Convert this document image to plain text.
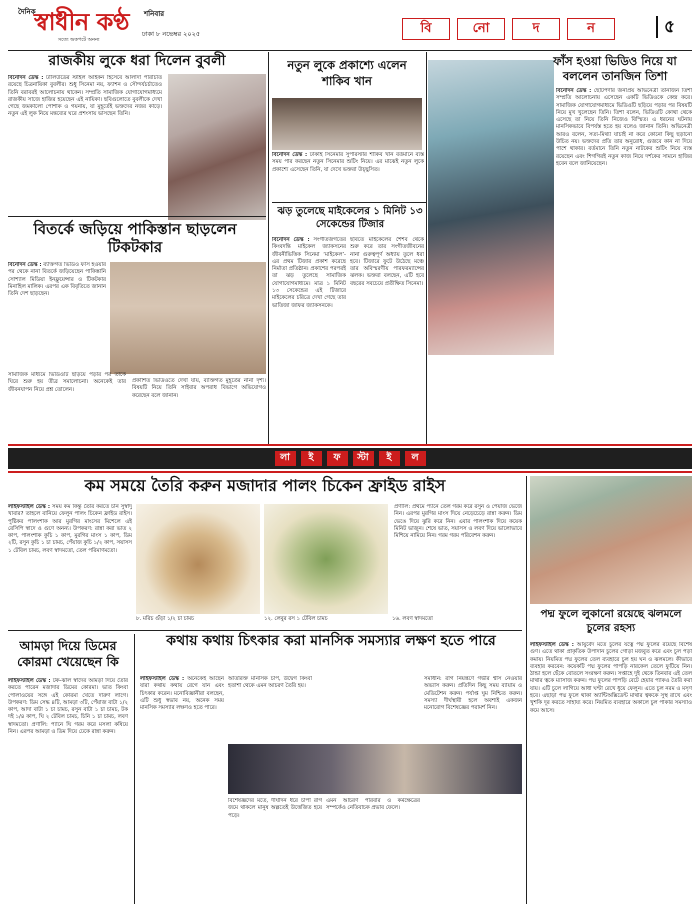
দৈনিক
স্বাধীন কণ্ঠ
সত্যে অকপটে অনন্য
শনিবার
ঢাকা ৮ নভেম্বর ২০২৫	বি	নো	দ	ন	৫
রাজকীয় লুকে ধরা দিলেন বুবলী
বিনোদন ডেস্ক : ঢালিউডের স্টাইল আইকন হিসেবে আলাদা পরিচিতি রয়েছে চিত্রনায়িকা বুবলীর। শুধু সিনেমা নয়, ফ্যাশন ও সৌন্দর্যচর্চাতেও তিনি বরাবরই আলোচনায় থাকেন। সম্প্রতি সামাজিক যোগাযোগমাধ্যমে রাজকীয় সাজে হাজির হয়েছেন এই নায়িকা। ছবিগুলোতে বুবলীকে দেখা গেছে জমকালো পোশাক ও গয়নায়, যা মুহূর্তেই ভক্তদের নজর কাড়ে। নতুন এই লুক নিয়ে মন্তব্যের ঘরে প্রশংসায় ভাসছেন তিনি।
বিতর্কে জড়িয়ে পাকিস্তান ছাড়লেন টিকটকার
বিনোদন ডেস্ক : ব্যক্তিগত ভিডিও ফাঁস হওয়ার পর থেকে নানা বিতর্কে জড়িয়েছেন পাকিস্তানি সোশ্যাল মিডিয়া ইনফ্লুয়েন্সার ও টিকটকার মিনাহিল মালিক। এরপর এক বিবৃতিতে জানান তিনি দেশ ছাড়ছেন।
সামাজিক মাধ্যমে ভিডিওটি ছড়িয়ে পড়ার পর তাকে ঘিরে শুরু হয় তীব্র সমালোচনা। অনেকেই তার জীবনযাপন নিয়ে প্রশ্ন তোলেন।
প্রকাশিত ভিডিওতে দেখা যায়, ব্যক্তিগত মুহূর্তের নানা দৃশ্য। বিষয়টি নিয়ে তিনি সাইবার অপরাধ বিভাগে অভিযোগও করেছেন বলে জানান।
নতুন লুকে প্রকাশ্যে এলেন শাকিব খান
বিনোদন ডেস্ক : ঢাকাই সিনেমার সুপারস্টার শাকিব খান বর্তমানে ব্যস্ত সময় পার করছেন নতুন সিনেমার শুটিং নিয়ে। এর মাঝেই নতুন লুকে প্রকাশ্যে এসেছেন তিনি, যা দেখে ভক্তরা উচ্ছ্বসিত।
ফাঁস হওয়া ভিডিও নিয়ে যা বললেন তানজিন তিশা
বিনোদন ডেস্ক : ছোটপর্দার জনপ্রিয় অভিনেত্রী তানজিন তিশা সম্প্রতি আলোচনায় এসেছেন একটি ভিডিওকে কেন্দ্র করে। সামাজিক যোগাযোগমাধ্যমে ভিডিওটি ছড়িয়ে পড়ার পর বিষয়টি নিয়ে মুখ খুলেছেন তিনি। তিশা বলেন, ভিডিওটি কোথা থেকে এসেছে তা নিয়ে তিনি নিজেও বিস্মিত। এ ধরনের ঘটনায় মানসিকভাবে বিপর্যস্ত হতে হয় বলেও জানান তিনি। অভিনেত্রী আরও বলেন, সত্য-মিথ্যা যাচাই না করে কোনো কিছু ছড়ানো উচিত নয়। ভক্তদের প্রতি তার অনুরোধ, গুজবে কান না দিয়ে পাশে থাকার। বর্তমানে তিনি নতুন নাটকের শুটিং নিয়ে ব্যস্ত রয়েছেন এবং শিগগিরই নতুন কাজ নিয়ে দর্শকের সামনে হাজির হবেন বলে জানিয়েছেন।
ঝড় তুলেছে মাইকেলের ১ মিনিট ১৩ সেকেন্ডের টিজার
বিনোদন ডেস্ক : সংগীতজগতের কিংবদন্তি মাইকেল জ্যাকসনের জীবনীভিত্তিক সিনেমা ‘মাইকেল’-এর প্রথম টিজার প্রকাশ করেছে নির্মাতা প্রতিষ্ঠান। প্রকাশের পরপরই তা ঝড় তুলেছে সামাজিক যোগাযোগমাধ্যমে। মাত্র ১ মিনিট ১৩ সেকেন্ডের এই টিজারে মাইকেলের চরিত্রে দেখা গেছে তার ভাতিজা জাফর জ্যাকসনকে।
ছবিতে মাইকেলের শৈশব থেকে শুরু করে তার সংগীতজীবনের নানা গুরুত্বপূর্ণ অধ্যায় তুলে ধরা হবে। টিজারে ফুটে উঠেছে মঞ্চে তার অবিস্মরণীয় পারফরম্যান্সের ঝলক। ভক্তরা বলছেন, এটি হবে বছরের সবচেয়ে প্রতীক্ষিত সিনেমা।
লা	ই	ফ	স্টা	ই	ল
কম সময়ে তৈরি করুন মজাদার পালং চিকেন ফ্রাইড রাইস
লাইফস্টাইল ডেস্ক : সময় কম কিন্তু তৈরি করতে চান সুস্বাদু খাবার? তাহলে বানিয়ে ফেলুন পালং চিকেন ফ্রাইড রাইস। পুষ্টিকর পালংশাক আর মুরগির মাংসের মিশেলে এই রেসিপি স্বাদে ও গুণে অনন্য। উপকরণ: রান্না করা ভাত ২ কাপ, পালংশাক কুচি ১ কাপ, মুরগির মাংস ১ কাপ, ডিম ২টি, রসুন কুচি ১ চা চামচ, পেঁয়াজ কুচি ১/২ কাপ, সয়াসস ১ টেবিল চামচ, লবণ স্বাদমতো, তেল পরিমাণমতো।
প্রণালি: প্রথমে প্যানে তেল গরম করে রসুন ও পেঁয়াজ ভেজে নিন। এরপর মুরগির মাংস দিয়ে নেড়েচেড়ে রান্না করুন। ডিম ভেঙে দিয়ে ঝুরি করে নিন। এবার পালংশাক দিয়ে কয়েক মিনিট ভাজুন। শেষে ভাত, সয়াসস ও লবণ দিয়ে ভালোভাবে মিশিয়ে নামিয়ে নিন। গরম গরম পরিবেশন করুন।
৮. মরিচ গুঁড়া ১/২ চা চামচ	১২. লেবুর রস ১ টেবিল চামচ	১৬. লবণ স্বাদমতো	পদ্ম ফুলে লুকানো রয়েছে ঝলমলে চুলের রহস্য
লাইফস্টাইল ডেস্ক : আয়ুর্বেদ মতে চুলের যত্নে পদ্ম ফুলের রয়েছে বিশেষ গুণ। এতে থাকা প্রাকৃতিক উপাদান চুলের গোড়া মজবুত করে এবং চুল পড়া কমায়। নিয়মিত পদ্ম ফুলের তেল ব্যবহারে চুল হয় ঘন ও ঝলমলে। কীভাবে ব্যবহার করবেন: কয়েকটি পদ্ম ফুলের পাপড়ি নারকেল তেলে ফুটিয়ে নিন। ঠান্ডা হলে ছেঁকে বোতলে সংরক্ষণ করুন। সপ্তাহে দুই থেকে তিনবার এই তেল মাথার ত্বকে ম্যাসাজ করুন। পদ্ম ফুলের পাপড়ি বেটে হেয়ার প্যাকও তৈরি করা যায়। এটি চুলে লাগিয়ে আধা ঘণ্টা রেখে ধুয়ে ফেলুন। এতে চুল নরম ও মসৃণ হবে। এছাড়া পদ্ম ফুলে থাকা অ্যান্টিঅক্সিডেন্ট মাথার ত্বককে সুস্থ রাখে এবং খুশকি দূর করতে সাহায্য করে। নিয়মিত ব্যবহারে অকালে চুল পাকার সমস্যাও কমে আসে।
আমড়া দিয়ে ডিমের কোরমা খেয়েছেন কি
লাইফস্টাইল ডেস্ক : টক-ঝাল স্বাদের আমড়া দিয়ে তৈরি করতে পারেন মজাদার ডিমের কোরমা। ভাত কিংবা পোলাওয়ের সঙ্গে এই কোরমা খেতে দারুণ লাগে। উপকরণ: ডিম সেদ্ধ ৪টি, আমড়া ৩টি, পেঁয়াজ বাটা ১/২ কাপ, আদা বাটা ১ চা চামচ, রসুন বাটা ১ চা চামচ, টক দই ১/৪ কাপ, ঘি ২ টেবিল চামচ, চিনি ১ চা চামচ, লবণ স্বাদমতো। প্রণালি: প্যানে ঘি গরম করে মসলা কষিয়ে নিন। এরপর আমড়া ও ডিম দিয়ে ঢেকে রান্না করুন।
কথায় কথায় চিৎকার করা মানসিক সমস্যার লক্ষণ হতে পারে
লাইফস্টাইল ডেস্ক : অনেকেই আছেন যারা কথায় কথায় রেগে যান এবং চিৎকার করেন। মনোবিজ্ঞানীরা বলছেন, এটি শুধু স্বভাব নয়, অনেক সময় মানসিক সমস্যার লক্ষণও হতে পারে।
অতিরিক্ত মানসিক চাপ, উদ্বেগ কিংবা হতাশা থেকে এমন আচরণ তৈরি হয়।
বিশেষজ্ঞদের মতে, দীর্ঘদিন ধরে চাপা রাগ জমে থাকলে মানুষ অল্পতেই উত্তেজিত হয়ে পড়ে।
এমন আচরণ পরিবার ও কর্মক্ষেত্রের সম্পর্কেও নেতিবাচক প্রভাব ফেলে।
সমাধান: রাগ নিয়ন্ত্রণে গভীর শ্বাস নেওয়ার অভ্যাস করুন। প্রতিদিন কিছু সময় ব্যায়াম ও মেডিটেশন করুন। পর্যাপ্ত ঘুম নিশ্চিত করুন। সমস্যা দীর্ঘস্থায়ী হলে অবশ্যই একজন মনোরোগ বিশেষজ্ঞের পরামর্শ নিন।
